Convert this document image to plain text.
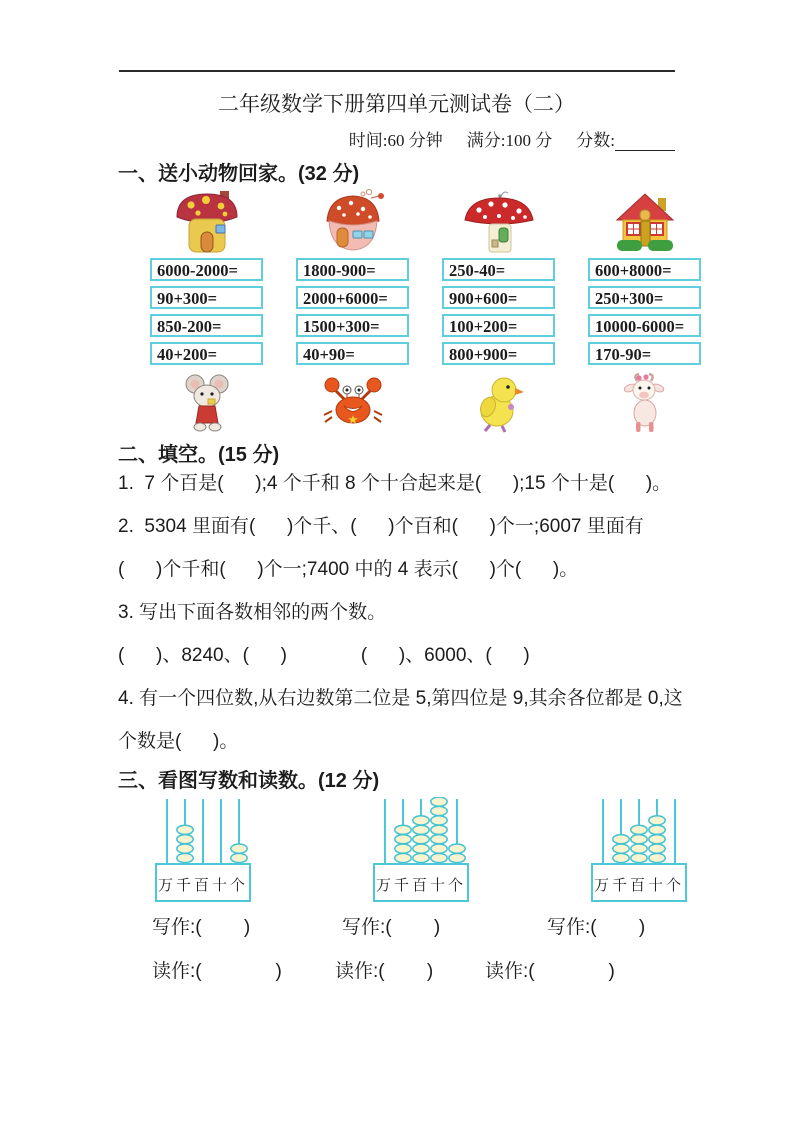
二年级数学下册第四单元测试卷（二）
时间:60 分钟 满分:100 分 分数:
一、送小动物回家。(32 分)
6000-2000=
90+300=
850-200=
40+200=
1800-900=
2000+6000=
1500+300=
40+90=
250-40=
900+600=
100+200=
800+900=
600+8000=
250+300=
10000-6000=
170-90=
二、填空。(15 分)
1.  7 个百是(      );4 个千和 8 个十合起来是(      );15 个十是(      )。
2.  5304 里面有(      )个千、(      )个百和(      )个一;6007 里面有
(      )个千和(      )个一;7400 中的 4 表示(      )个(      )。
3. 写出下面各数相邻的两个数。
(      )、8240、(      )              (      )、6000、(      )
4. 有一个四位数,从右边数第二位是 5,第四位是 9,其余各位都是 0,这
个数是(      )。
三、看图写数和读数。(12 分)
万千百十个	万千百十个	万千百十个
写作:(        )	写作:(        )	写作:(        )
读作:(              )	读作:(        )	读作:(              )
